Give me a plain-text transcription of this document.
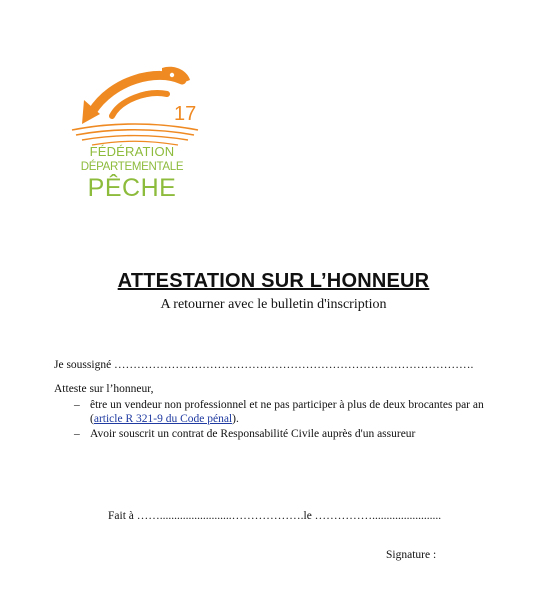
17
FÉDÉRATION
DÉPARTEMENTALE
PÊCHE
ATTESTATION SUR L’HONNEUR
A retourner avec le bulletin d'inscription
Je soussigné ………………………………………………………………………………….
Atteste sur l’honneur,
– être un vendeur non professionnel et ne pas participer à plus de deux brocantes par an
(article R 321-9 du Code pénal).
– Avoir souscrit un contrat de Responsabilité Civile auprès d'un assureur
Fait à …….........................……………….le ……………........................
Signature :
